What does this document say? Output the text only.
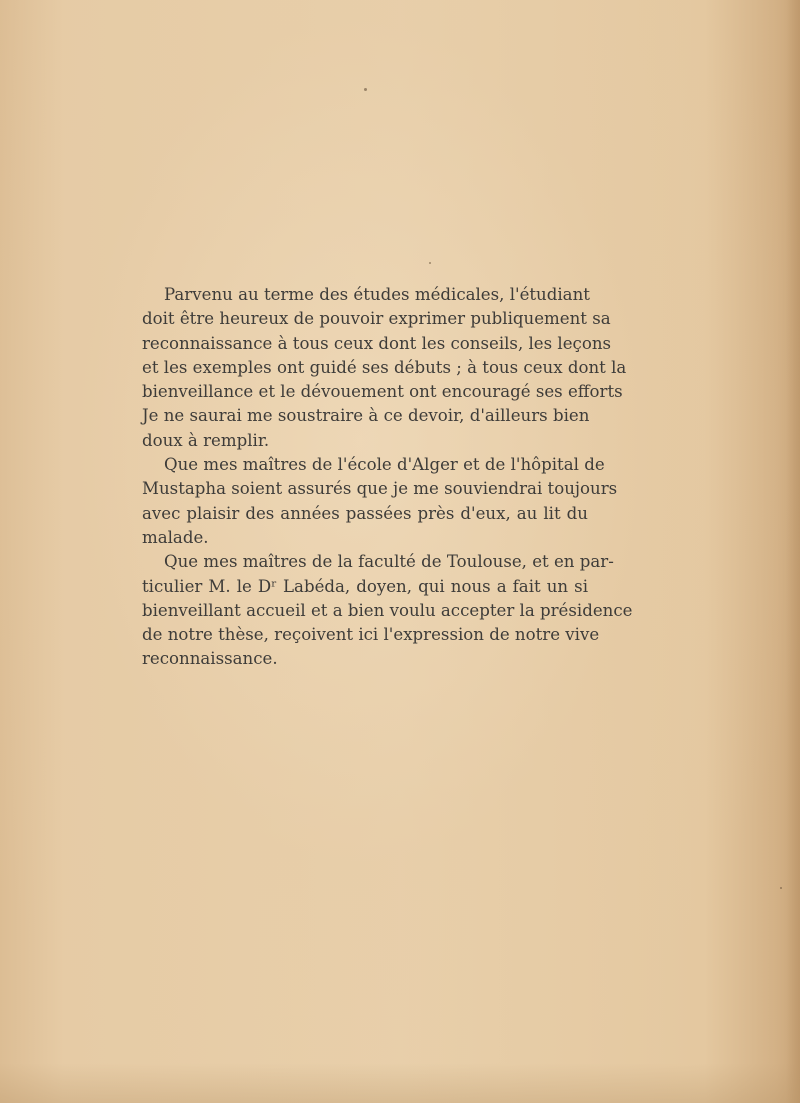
Parvenu au terme des études médicales, l'étudiant
doit être heureux de pouvoir exprimer publiquement sa
reconnaissance à tous ceux dont les conseils, les leçons
et les exemples ont guidé ses débuts ; à tous ceux dont la
bienveillance et le dévouement ont encouragé ses efforts
Je ne saurai me soustraire à ce devoir, d'ailleurs bien
doux à remplir.

Que mes maîtres de l'école d'Alger et de l'hôpital de
Mustapha soient assurés que je me souviendrai toujours
avec plaisir des années passées près d'eux, au lit du
malade.

Que mes maîtres de la faculté de Toulouse, et en par-
ticulier M. le Dʳ Labéda, doyen, qui nous a fait un si
bienveillant accueil et a bien voulu accepter la présidence
de notre thèse, reçoivent ici l'expression de notre vive
reconnaissance.
